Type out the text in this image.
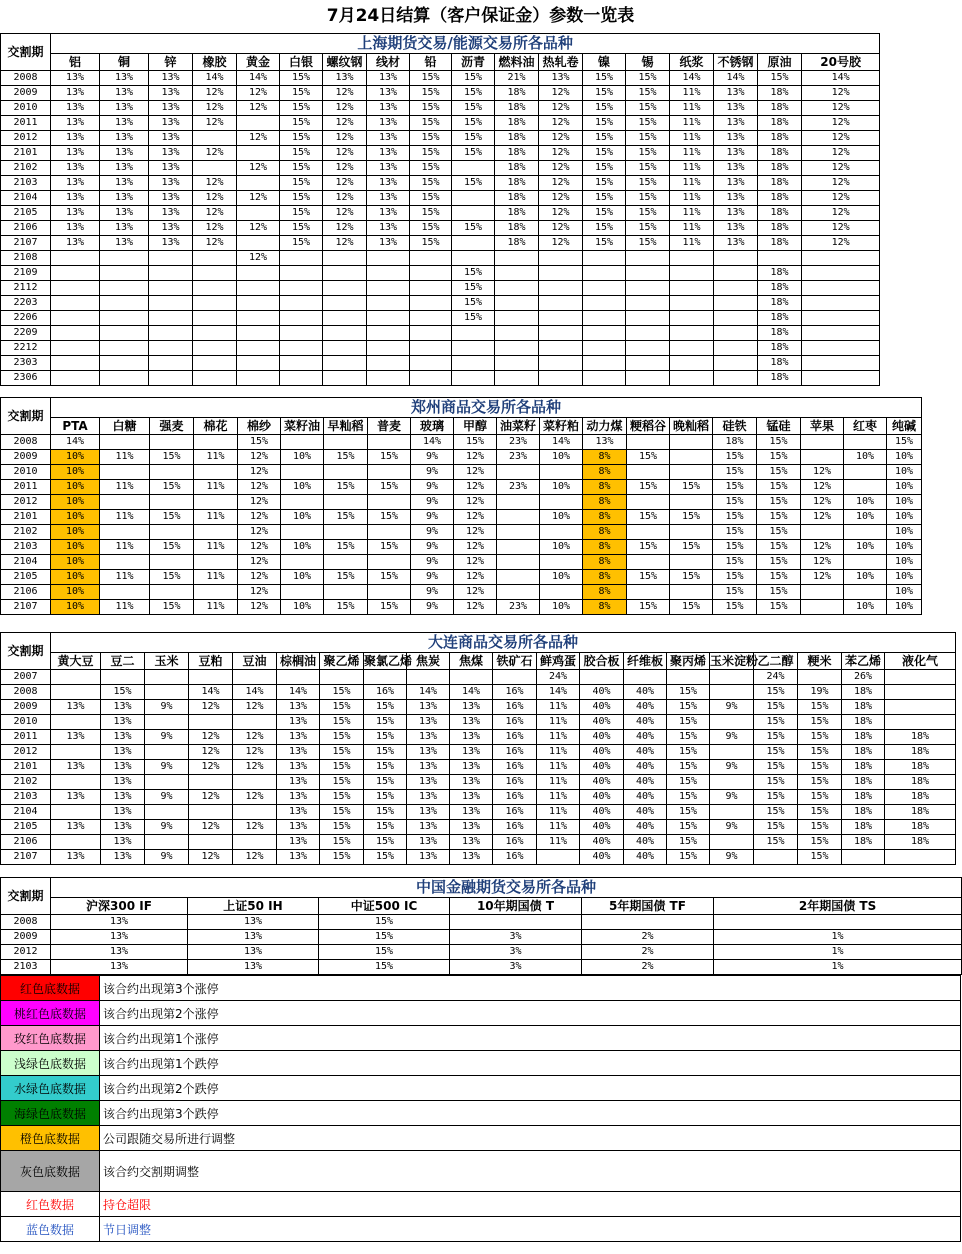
7月24日结算（客户保证金）参数一览表
交割期	上海期货交易/能源交易所各品种																		
	铝	铜	锌	橡胶	黄金	白银	螺纹钢	线材	铅	沥青	燃料油	热轧卷	镍	锡	纸浆	不锈钢	原油	20号胶	
2008	13%	13%	13%	14%	14%	15%	13%	13%	15%	15%	21%	13%	15%	15%	14%	14%	15%	14%	
2009	13%	13%	13%	12%	12%	15%	12%	13%	15%	15%	18%	12%	15%	15%	11%	13%	18%	12%	
2010	13%	13%	13%	12%	12%	15%	12%	13%	15%	15%	18%	12%	15%	15%	11%	13%	18%	12%	
2011	13%	13%	13%	12%		15%	12%	13%	15%	15%	18%	12%	15%	15%	11%	13%	18%	12%	
2012	13%	13%	13%		12%	15%	12%	13%	15%	15%	18%	12%	15%	15%	11%	13%	18%	12%	
2101	13%	13%	13%	12%		15%	12%	13%	15%	15%	18%	12%	15%	15%	11%	13%	18%	12%	
2102	13%	13%	13%		12%	15%	12%	13%	15%		18%	12%	15%	15%	11%	13%	18%	12%	
2103	13%	13%	13%	12%		15%	12%	13%	15%	15%	18%	12%	15%	15%	11%	13%	18%	12%	
2104	13%	13%	13%	12%	12%	15%	12%	13%	15%		18%	12%	15%	15%	11%	13%	18%	12%	
2105	13%	13%	13%	12%		15%	12%	13%	15%		18%	12%	15%	15%	11%	13%	18%	12%	
2106	13%	13%	13%	12%	12%	15%	12%	13%	15%	15%	18%	12%	15%	15%	11%	13%	18%	12%	
2107	13%	13%	13%	12%		15%	12%	13%	15%		18%	12%	15%	15%	11%	13%	18%	12%	
2108					12%														
2109										15%							18%		
2112										15%							18%		
2203										15%							18%		
2206										15%							18%		
2209																	18%		
2212																	18%		
2303																	18%		
2306																	18%		
交割期	郑州商品交易所各品种																				
	PTA	白糖	强麦	棉花	棉纱	菜籽油	早籼稻	普麦	玻璃	甲醇	油菜籽	菜籽粕	动力煤	粳稻谷	晚籼稻	硅铁	锰硅	苹果	红枣	纯碱	
2008	14%				15%				14%	15%	23%	14%	13%			18%	15%			15%	
2009	10%	11%	15%	11%	12%	10%	15%	15%	9%	12%	23%	10%	8%	15%		15%	15%		10%	10%	
2010	10%				12%				9%	12%			8%			15%	15%	12%		10%	
2011	10%	11%	15%	11%	12%	10%	15%	15%	9%	12%	23%	10%	8%	15%	15%	15%	15%	12%		10%	
2012	10%				12%				9%	12%			8%			15%	15%	12%	10%	10%	
2101	10%	11%	15%	11%	12%	10%	15%	15%	9%	12%		10%	8%	15%	15%	15%	15%	12%	10%	10%	
2102	10%				12%				9%	12%			8%			15%	15%			10%	
2103	10%	11%	15%	11%	12%	10%	15%	15%	9%	12%		10%	8%	15%	15%	15%	15%	12%	10%	10%	
2104	10%				12%				9%	12%			8%			15%	15%	12%		10%	
2105	10%	11%	15%	11%	12%	10%	15%	15%	9%	12%		10%	8%	15%	15%	15%	15%	12%	10%	10%	
2106	10%				12%				9%	12%			8%			15%	15%			10%	
2107	10%	11%	15%	11%	12%	10%	15%	15%	9%	12%	23%	10%	8%	15%	15%	15%	15%		10%	10%	
交割期	大连商品交易所各品种																			
	黄大豆	豆二	玉米	豆粕	豆油	棕榈油	聚乙烯	聚氯乙烯	焦炭	焦煤	铁矿石	鲜鸡蛋	胶合板	纤维板	聚丙烯	玉米淀粉	乙二醇	粳米	苯乙烯	液化气
2007												24%					24%		26%	
2008		15%		14%	14%	14%	15%	16%	14%	14%	16%	14%	40%	40%	15%		15%	19%	18%	
2009	13%	13%	9%	12%	12%	13%	15%	15%	13%	13%	16%	11%	40%	40%	15%	9%	15%	15%	18%	
2010		13%				13%	15%	15%	13%	13%	16%	11%	40%	40%	15%		15%	15%	18%	
2011	13%	13%	9%	12%	12%	13%	15%	15%	13%	13%	16%	11%	40%	40%	15%	9%	15%	15%	18%	18%
2012		13%		12%	12%	13%	15%	15%	13%	13%	16%	11%	40%	40%	15%		15%	15%	18%	18%
2101	13%	13%	9%	12%	12%	13%	15%	15%	13%	13%	16%	11%	40%	40%	15%	9%	15%	15%	18%	18%
2102		13%				13%	15%	15%	13%	13%	16%	11%	40%	40%	15%		15%	15%	18%	18%
2103	13%	13%	9%	12%	12%	13%	15%	15%	13%	13%	16%	11%	40%	40%	15%	9%	15%	15%	18%	18%
2104		13%				13%	15%	15%	13%	13%	16%	11%	40%	40%	15%		15%	15%	18%	18%
2105	13%	13%	9%	12%	12%	13%	15%	15%	13%	13%	16%	11%	40%	40%	15%	9%	15%	15%	18%	18%
2106		13%				13%	15%	15%	13%	13%	16%	11%	40%	40%	15%		15%	15%	18%	18%
2107	13%	13%	9%	12%	12%	13%	15%	15%	13%	13%	16%		40%	40%	15%	9%		15%		
交割期	中国金融期货交易所各品种					
	沪深300 IF	上证50 IH	中证500 IC	10年期国债 T	5年期国债 TF	2年期国债 TS
2008	13%	13%	15%			
2009	13%	13%	15%	3%	2%	1%
2012	13%	13%	15%	3%	2%	1%
2103	13%	13%	15%	3%	2%	1%
红色底数据	该合约出现第3个涨停
桃红色底数据	该合约出现第2个涨停
玫红色底数据	该合约出现第1个涨停
浅绿色底数据	该合约出现第1个跌停
水绿色底数据	该合约出现第2个跌停
海绿色底数据	该合约出现第3个跌停
橙色底数据	公司跟随交易所进行调整
灰色底数据	该合约交割期调整
红色数据	持仓超限
蓝色数据	节日调整
